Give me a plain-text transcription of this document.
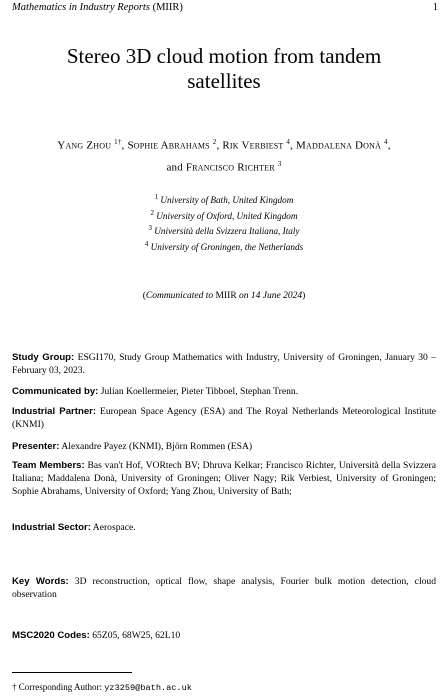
Mathematics in Industry Reports (MIIR)	1
Stereo 3D cloud motion from tandem
satellites
Yang Zhou $^{1\dagger}$, Sophie Abrahams $^2$, Rik Verbiest $^4$, Maddalena Donà $^4$,
and Francisco Richter $^3$
$^1$ University of Bath, United Kingdom
$^2$ University of Oxford, United Kingdom
$^3$ Università della Svizzera Italiana, Italy
$^4$ University of Groningen, the Netherlands
(Communicated to MIIR on 14 June 2024)
Study Group: ESGI170, Study Group Mathematics with Industry, University of Groningen, January 30 – February 03, 2023.
Communicated by: Julian Koellermeier, Pieter Tibboel, Stephan Trenn.
Industrial Partner: European Space Agency (ESA) and The Royal Netherlands Meteorological Institute (KNMI)
Presenter: Alexandre Payez (KNMI), Björn Rommen (ESA)
Team Members: Bas van't Hof, VORtech BV; Dhruva Kelkar; Francisco Richter, Università della Svizzera Italiana; Maddalena Donà, University of Groningen; Oliver Nagy; Rik Verbiest, University of Groningen; Sophie Abrahams, University of Oxford; Yang Zhou, University of Bath;
Industrial Sector: Aerospace.
Key Words: 3D reconstruction, optical flow, shape analysis, Fourier bulk motion detection, cloud observation
MSC2020 Codes: 65Z05, 68W25, 62L10
† Corresponding Author: yz3259@bath.ac.uk
